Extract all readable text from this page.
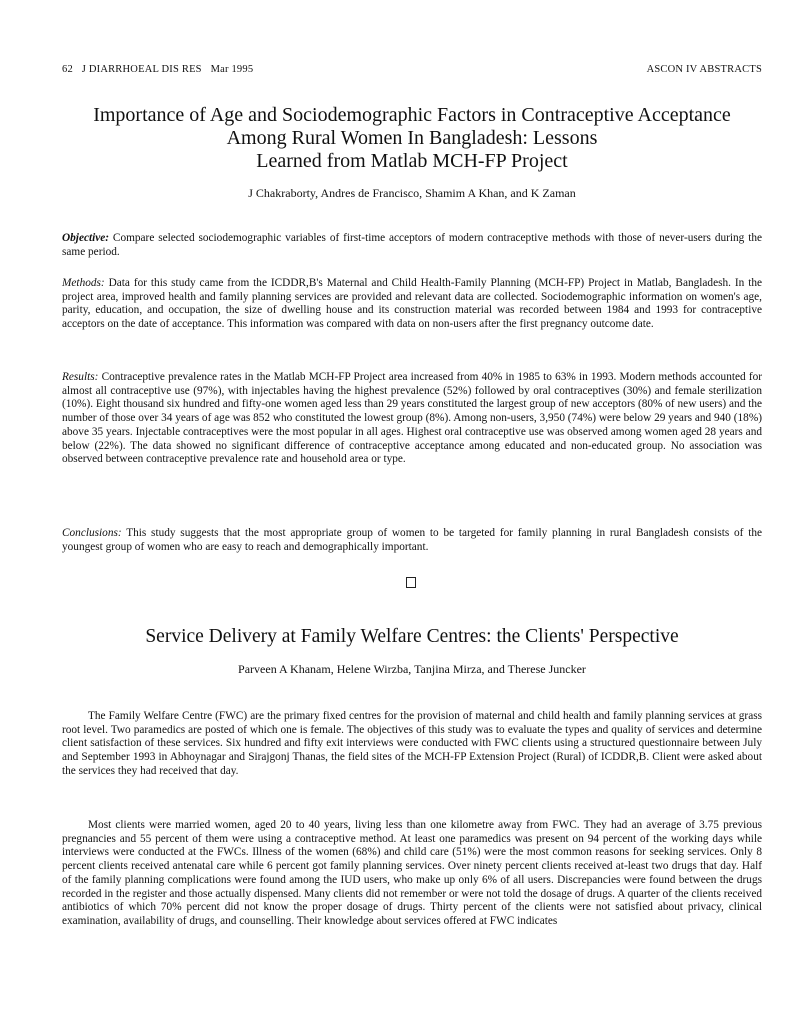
62 J DIARRHOEAL DIS RES Mar 1995	ASCON IV ABSTRACTS
Importance of Age and Sociodemographic Factors in Contraceptive Acceptance
Among Rural Women In Bangladesh: Lessons
Learned from Matlab MCH-FP Project
J Chakraborty, Andres de Francisco, Shamim A Khan, and K Zaman

Objective: Compare selected sociodemographic variables of first-time acceptors of modern contraceptive methods with those of never-users during the same period.

Methods: Data for this study came from the ICDDR,B's Maternal and Child Health-Family Planning (MCH-FP) Project in Matlab, Bangladesh. In the project area, improved health and family planning services are provided and relevant data are collected. Sociodemographic information on women's age, parity, education, and occupation, the size of dwelling house and its construction material was recorded between 1984 and 1993 for contraceptive acceptors on the date of acceptance. This information was compared with data on non-users after the first pregnancy outcome date.

Results: Contraceptive prevalence rates in the Matlab MCH-FP Project area increased from 40% in 1985 to 63% in 1993. Modern methods accounted for almost all contraceptive use (97%), with injectables having the highest prevalence (52%) followed by oral contraceptives (30%) and female sterilization (10%). Eight thousand six hundred and fifty-one women aged less than 29 years constituted the largest group of new acceptors (80% of new users) and the number of those over 34 years of age was 852 who constituted the lowest group (8%). Among non-users, 3,950 (74%) were below 29 years and 940 (18%) above 35 years. Injectable contraceptives were the most popular in all ages. Highest oral contraceptive use was observed among women aged 28 years and below (22%). The data showed no significant difference of contraceptive acceptance among educated and non-educated group. No association was observed between contraceptive prevalence rate and household area or type.

Conclusions: This study suggests that the most appropriate group of women to be targeted for family planning in rural Bangladesh consists of the youngest group of women who are easy to reach and demographically important.

Service Delivery at Family Welfare Centres: the Clients' Perspective
Parveen A Khanam, Helene Wirzba, Tanjina Mirza, and Therese Juncker

The Family Welfare Centre (FWC) are the primary fixed centres for the provision of maternal and child health and family planning services at grass root level. Two paramedics are posted of which one is female. The objectives of this study was to evaluate the types and quality of services and determine client satisfaction of these services. Six hundred and fifty exit interviews were conducted with FWC clients using a structured questionnaire between July and September 1993 in Abhoynagar and Sirajgonj Thanas, the field sites of the MCH-FP Extension Project (Rural) of ICDDR,B. Client were asked about the services they had received that day.

Most clients were married women, aged 20 to 40 years, living less than one kilometre away from FWC. They had an average of 3.75 previous pregnancies and 55 percent of them were using a contraceptive method. At least one paramedics was present on 94 percent of the working days while interviews were conducted at the FWCs. Illness of the women (68%) and child care (51%) were the most common reasons for seeking services. Only 8 percent clients received antenatal care while 6 percent got family planning services. Over ninety percent clients received at-least two drugs that day. Half of the family planning complications were found among the IUD users, who make up only 6% of all users. Discrepancies were found between the drugs recorded in the register and those actually dispensed. Many clients did not remember or were not told the dosage of drugs. A quarter of the clients received antibiotics of which 70% percent did not know the proper dosage of drugs. Thirty percent of the clients were not satisfied about privacy, clinical examination, availability of drugs, and counselling. Their knowledge about services offered at FWC indicates
